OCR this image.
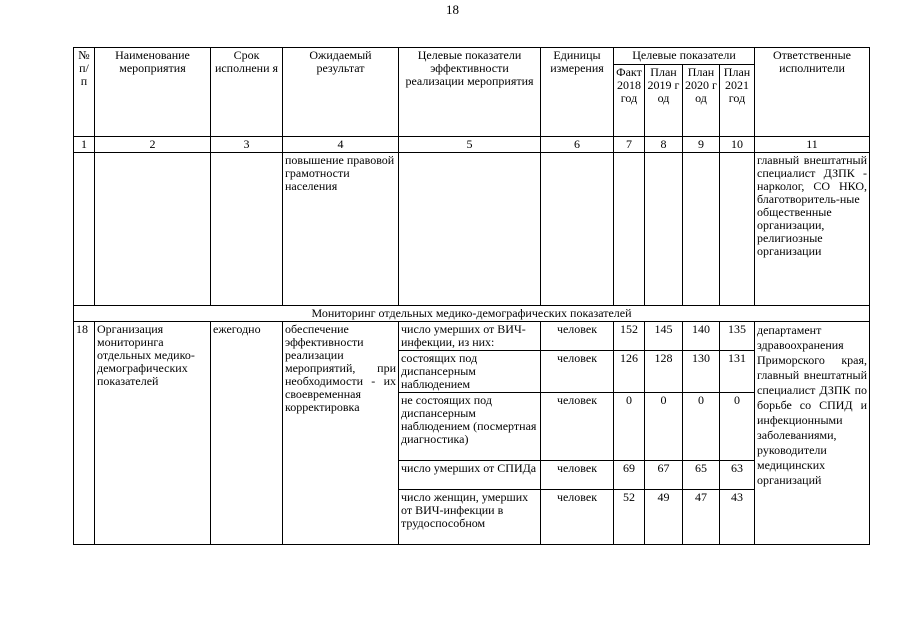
18
№ п/ п	Наименование мероприятия	Срок исполнени я	Ожидаемый результат	Целевые показатели эффективности реализации мероприятия	Единицы измерения	Целевые показатели				Ответственные исполнители
						Факт 2018 год	План 2019 год	План 2020 год	План 2021 год	
1	2	3	4	5	6	7	8	9	10	11
			повышение правовой грамотности населения							главный внештатный специалист ДЗПК - нарколог, СО НКО, благотворитель-ные общественные организации, религиозные организации
Мониторинг отдельных медико-демографических показателей										
18	Организация мониторинга отдельных медико-демографических показателей	ежегодно	обеспечение эффективности реализации мероприятий, при необходимости - их своевременная корректировка	число умерших от ВИЧ-инфекции, из них:	человек	152	145	140	135	департамент здравоохранения Приморского края, главный внештатный специалист ДЗПК по борьбе со СПИД и инфекционными заболеваниями, руководители медицинских организаций
				состоящих под диспансерным наблюдением	человек	126	128	130	131	
				не состоящих под диспансерным наблюдением (посмертная диагностика)	человек	0	0	0	0	
				число умерших от СПИДа	человек	69	67	65	63	
				число женщин, умерших от ВИЧ-инфекции в трудоспособном	человек	52	49	47	43	
